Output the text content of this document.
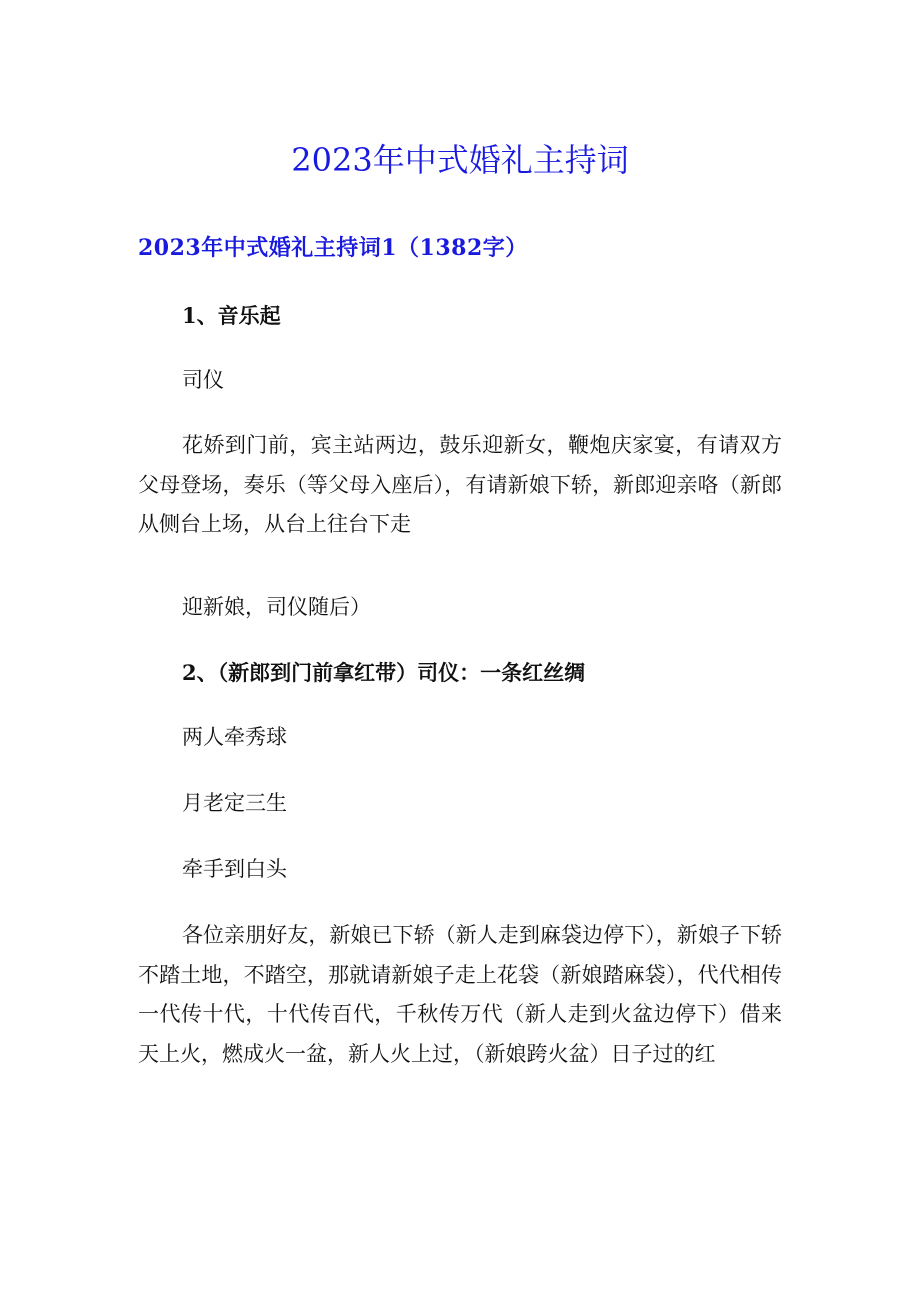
2023年中式婚礼主持词
2023年中式婚礼主持词1（1382字）

1、音乐起

司仪

花娇到门前，宾主站两边，鼓乐迎新女，鞭炮庆家宴，有请双方父母登场，奏乐（等父母入座后），有请新娘下轿，新郎迎亲咯（新郎从侧台上场，从台上往台下走

迎新娘，司仪随后）

2、（新郎到门前拿红带）司仪：一条红丝绸

两人牵秀球

月老定三生

牵手到白头

各位亲朋好友，新娘已下轿（新人走到麻袋边停下），新娘子下轿不踏土地，不踏空，那就请新娘子走上花袋（新娘踏麻袋），代代相传一代传十代，十代传百代，千秋传万代（新人走到火盆边停下）借来天上火，燃成火一盆，新人火上过，（新娘跨火盆）日子过的红
